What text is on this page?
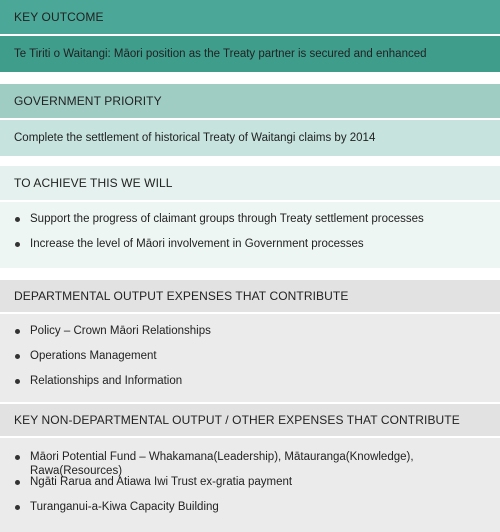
KEY OUTCOME
Te Tiriti o Waitangi: Māori position as the Treaty partner is secured and enhanced
GOVERNMENT PRIORITY
Complete the settlement of historical Treaty of Waitangi claims by 2014
TO ACHIEVE THIS WE WILL
Support the progress of claimant groups through Treaty settlement processes
Increase the level of Māori involvement in Government processes
DEPARTMENTAL OUTPUT EXPENSES THAT CONTRIBUTE
Policy – Crown Māori Relationships
Operations Management
Relationships and Information
KEY NON-DEPARTMENTAL OUTPUT / OTHER EXPENSES THAT CONTRIBUTE
Māori Potential Fund – Whakamana(Leadership), Mātauranga(Knowledge), Rawa(Resources)
Ngāti Rarua and Atiawa Iwi Trust ex-gratia payment
Turanganui-a-Kiwa Capacity Building
